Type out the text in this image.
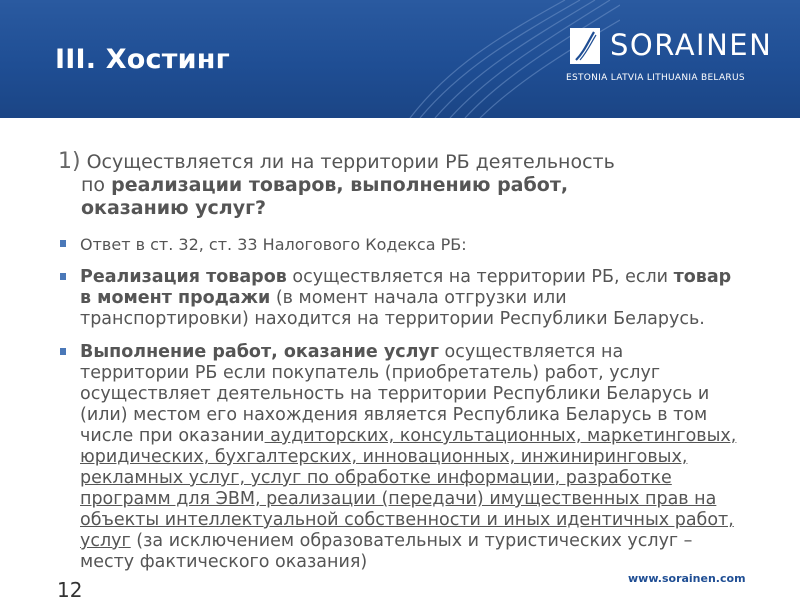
III. Хостинг	SORAINEN
ESTONIA LATVIA LITHUANIA BELARUS
1) Осуществляется ли на территории РБ деятельность
по реализации товаров, выполнению работ,
оказанию услуг?
Ответ в ст. 32, ст. 33 Налогового Кодекса РБ:
Реализация товаров осуществляется на территории РБ, если товар в момент продажи (в момент начала отгрузки или транспортировки) находится на территории Республики Беларусь.
Выполнение работ, оказание услуг осуществляется на территории РБ если покупатель (приобретатель) работ, услуг осуществляет деятельность на территории Республики Беларусь и (или) местом его нахождения является Республика Беларусь в том числе при оказании аудиторских, консультационных, маркетинговых, юридических, бухгалтерских, инновационных, инжиниринговых, рекламных услуг, услуг по обработке информации, разработке программ для ЭВМ, реализации (передачи) имущественных прав на объекты интеллектуальной собственности и иных идентичных работ, услуг (за исключением образовательных и туристических услуг – месту фактического оказания)
12	www.sorainen.com
